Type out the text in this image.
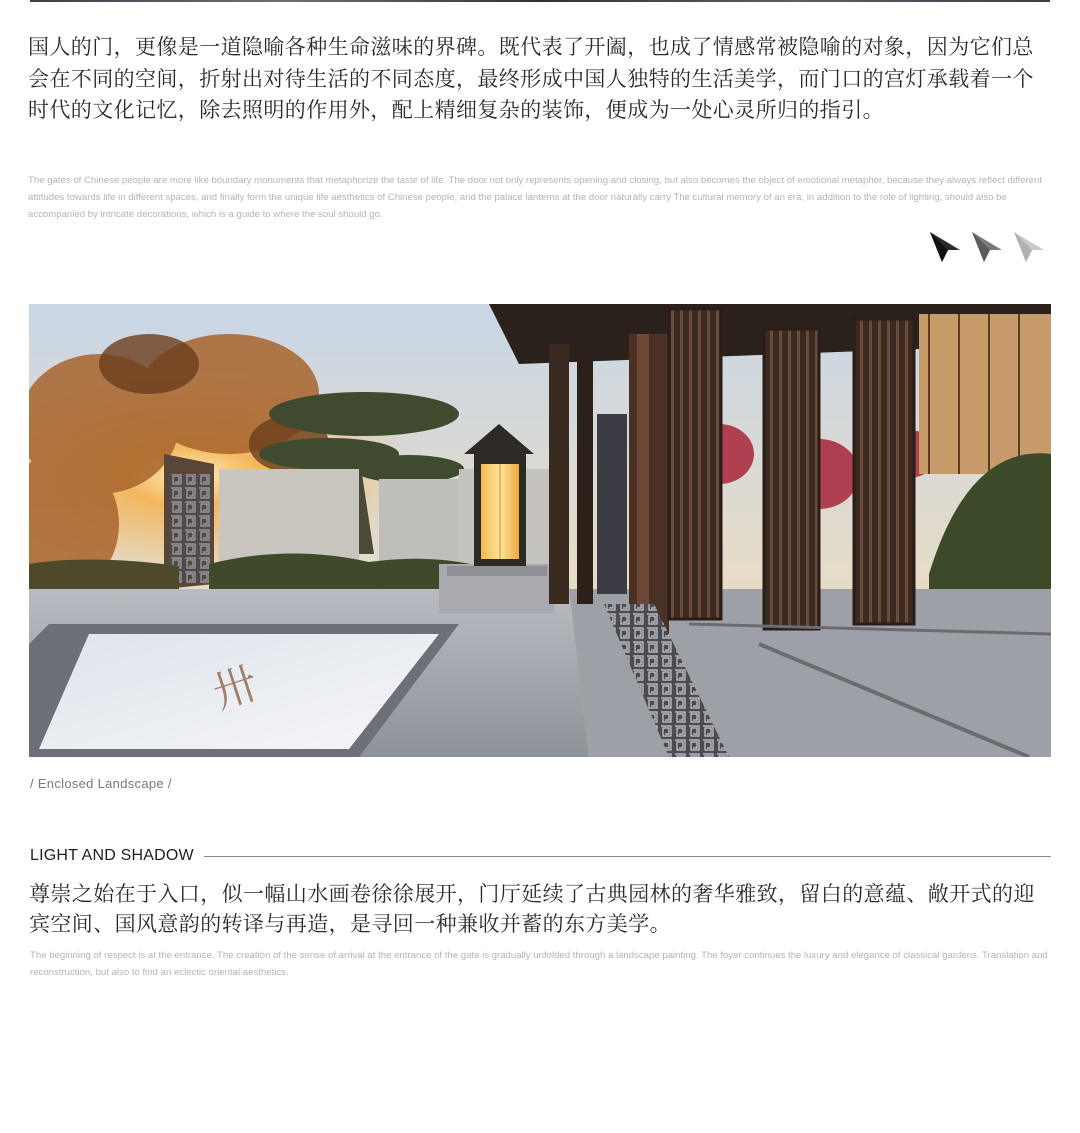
国人的门，更像是一道隐喻各种生命滋味的界碑。既代表了开阖，也成了情感常被隐喻的对象，因为它们总会在不同的空间，折射出对待生活的不同态度，最终形成中国人独特的生活美学，而门口的宫灯承载着一个时代的文化记忆，除去照明的作用外，配上精细复杂的装饰，便成为一处心灵所归的指引。

The gates of Chinese people are more like boundary monuments that metaphorize the taste of life. The door not only represents opening and closing, but also becomes the object of emotional metaphor, because they always reflect different attitudes towards life in different spaces, and finally form the unique life aesthetics of Chinese people, and the palace lanterns at the door naturally carry The cultural memory of an era, in addition to the role of lighting, should also be accompanied by intricate decorations, which is a guide to where the soul should go.

卅
/ Enclosed Landscape /
LIGHT AND SHADOW

尊崇之始在于入口，似一幅山水画卷徐徐展开，门厅延续了古典园林的奢华雅致，留白的意蕴、敞开式的迎宾空间、国风意韵的转译与再造，是寻回一种兼收并蓄的东方美学。

The beginning of respect is at the entrance. The creation of the sense of arrival at the entrance of the gate is gradually unfolded through a landscape painting. The foyer continues the luxury and elegance of classical gardens. Translation and reconstruction, but also to find an eclectic oriental aesthetics.
